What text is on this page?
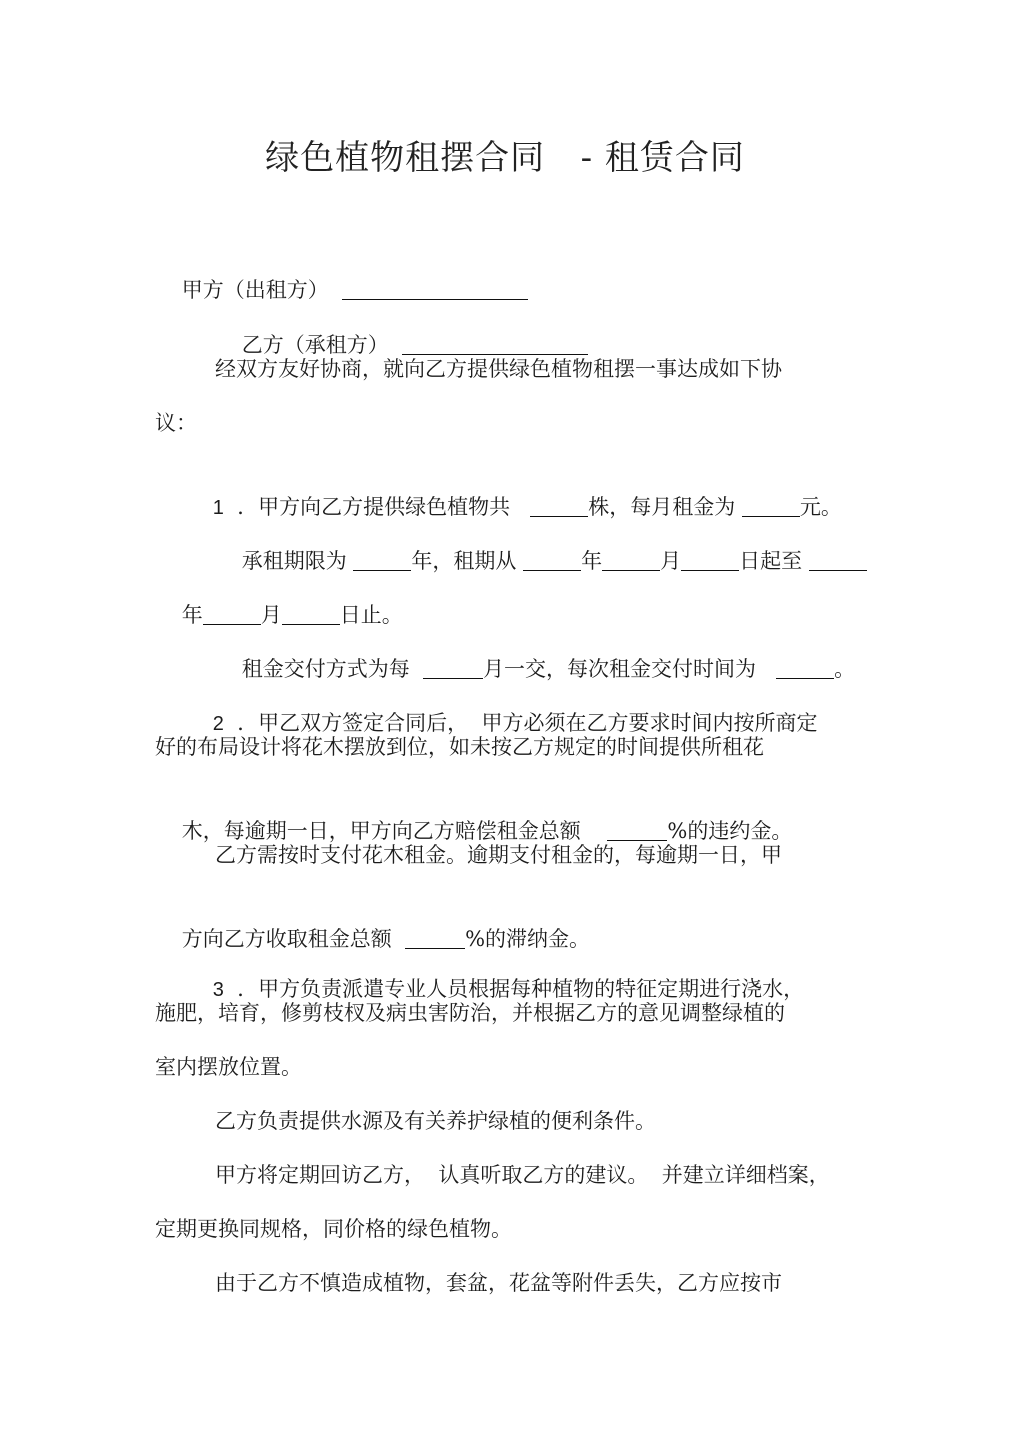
绿色植物租摆合同   - 租赁合同

甲方（出租方）

乙方（承租方）

经双方友好协商，就向乙方提供绿色植物租摆一事达成如下协
议：

1 ．甲方向乙方提供绿色植物共	株，每月租金为	元。

承租期限为	年，租期从	年	月	日起至

年	月	日止。

租金交付方式为每	月一交，每次租金交付时间为	。

2 ．甲乙双方签定合同后，  甲方必须在乙方要求时间内按所商定

好的布局设计将花木摆放到位，如未按乙方规定的时间提供所租花

木，每逾期一日，甲方向乙方赔偿租金总额	%的违约金。

乙方需按时支付花木租金。逾期支付租金的，每逾期一日，甲

方向乙方收取租金总额	%的滞纳金。

3 ．甲方负责派遣专业人员根据每种植物的特征定期进行浇水，

施肥，培育，修剪枝杈及病虫害防治，并根据乙方的意见调整绿植的
室内摆放位置。
乙方负责提供水源及有关养护绿植的便利条件。
甲方将定期回访乙方，  认真听取乙方的建议。  并建立详细档案，
定期更换同规格，同价格的绿色植物。
由于乙方不慎造成植物，套盆，花盆等附件丢失，乙方应按市
